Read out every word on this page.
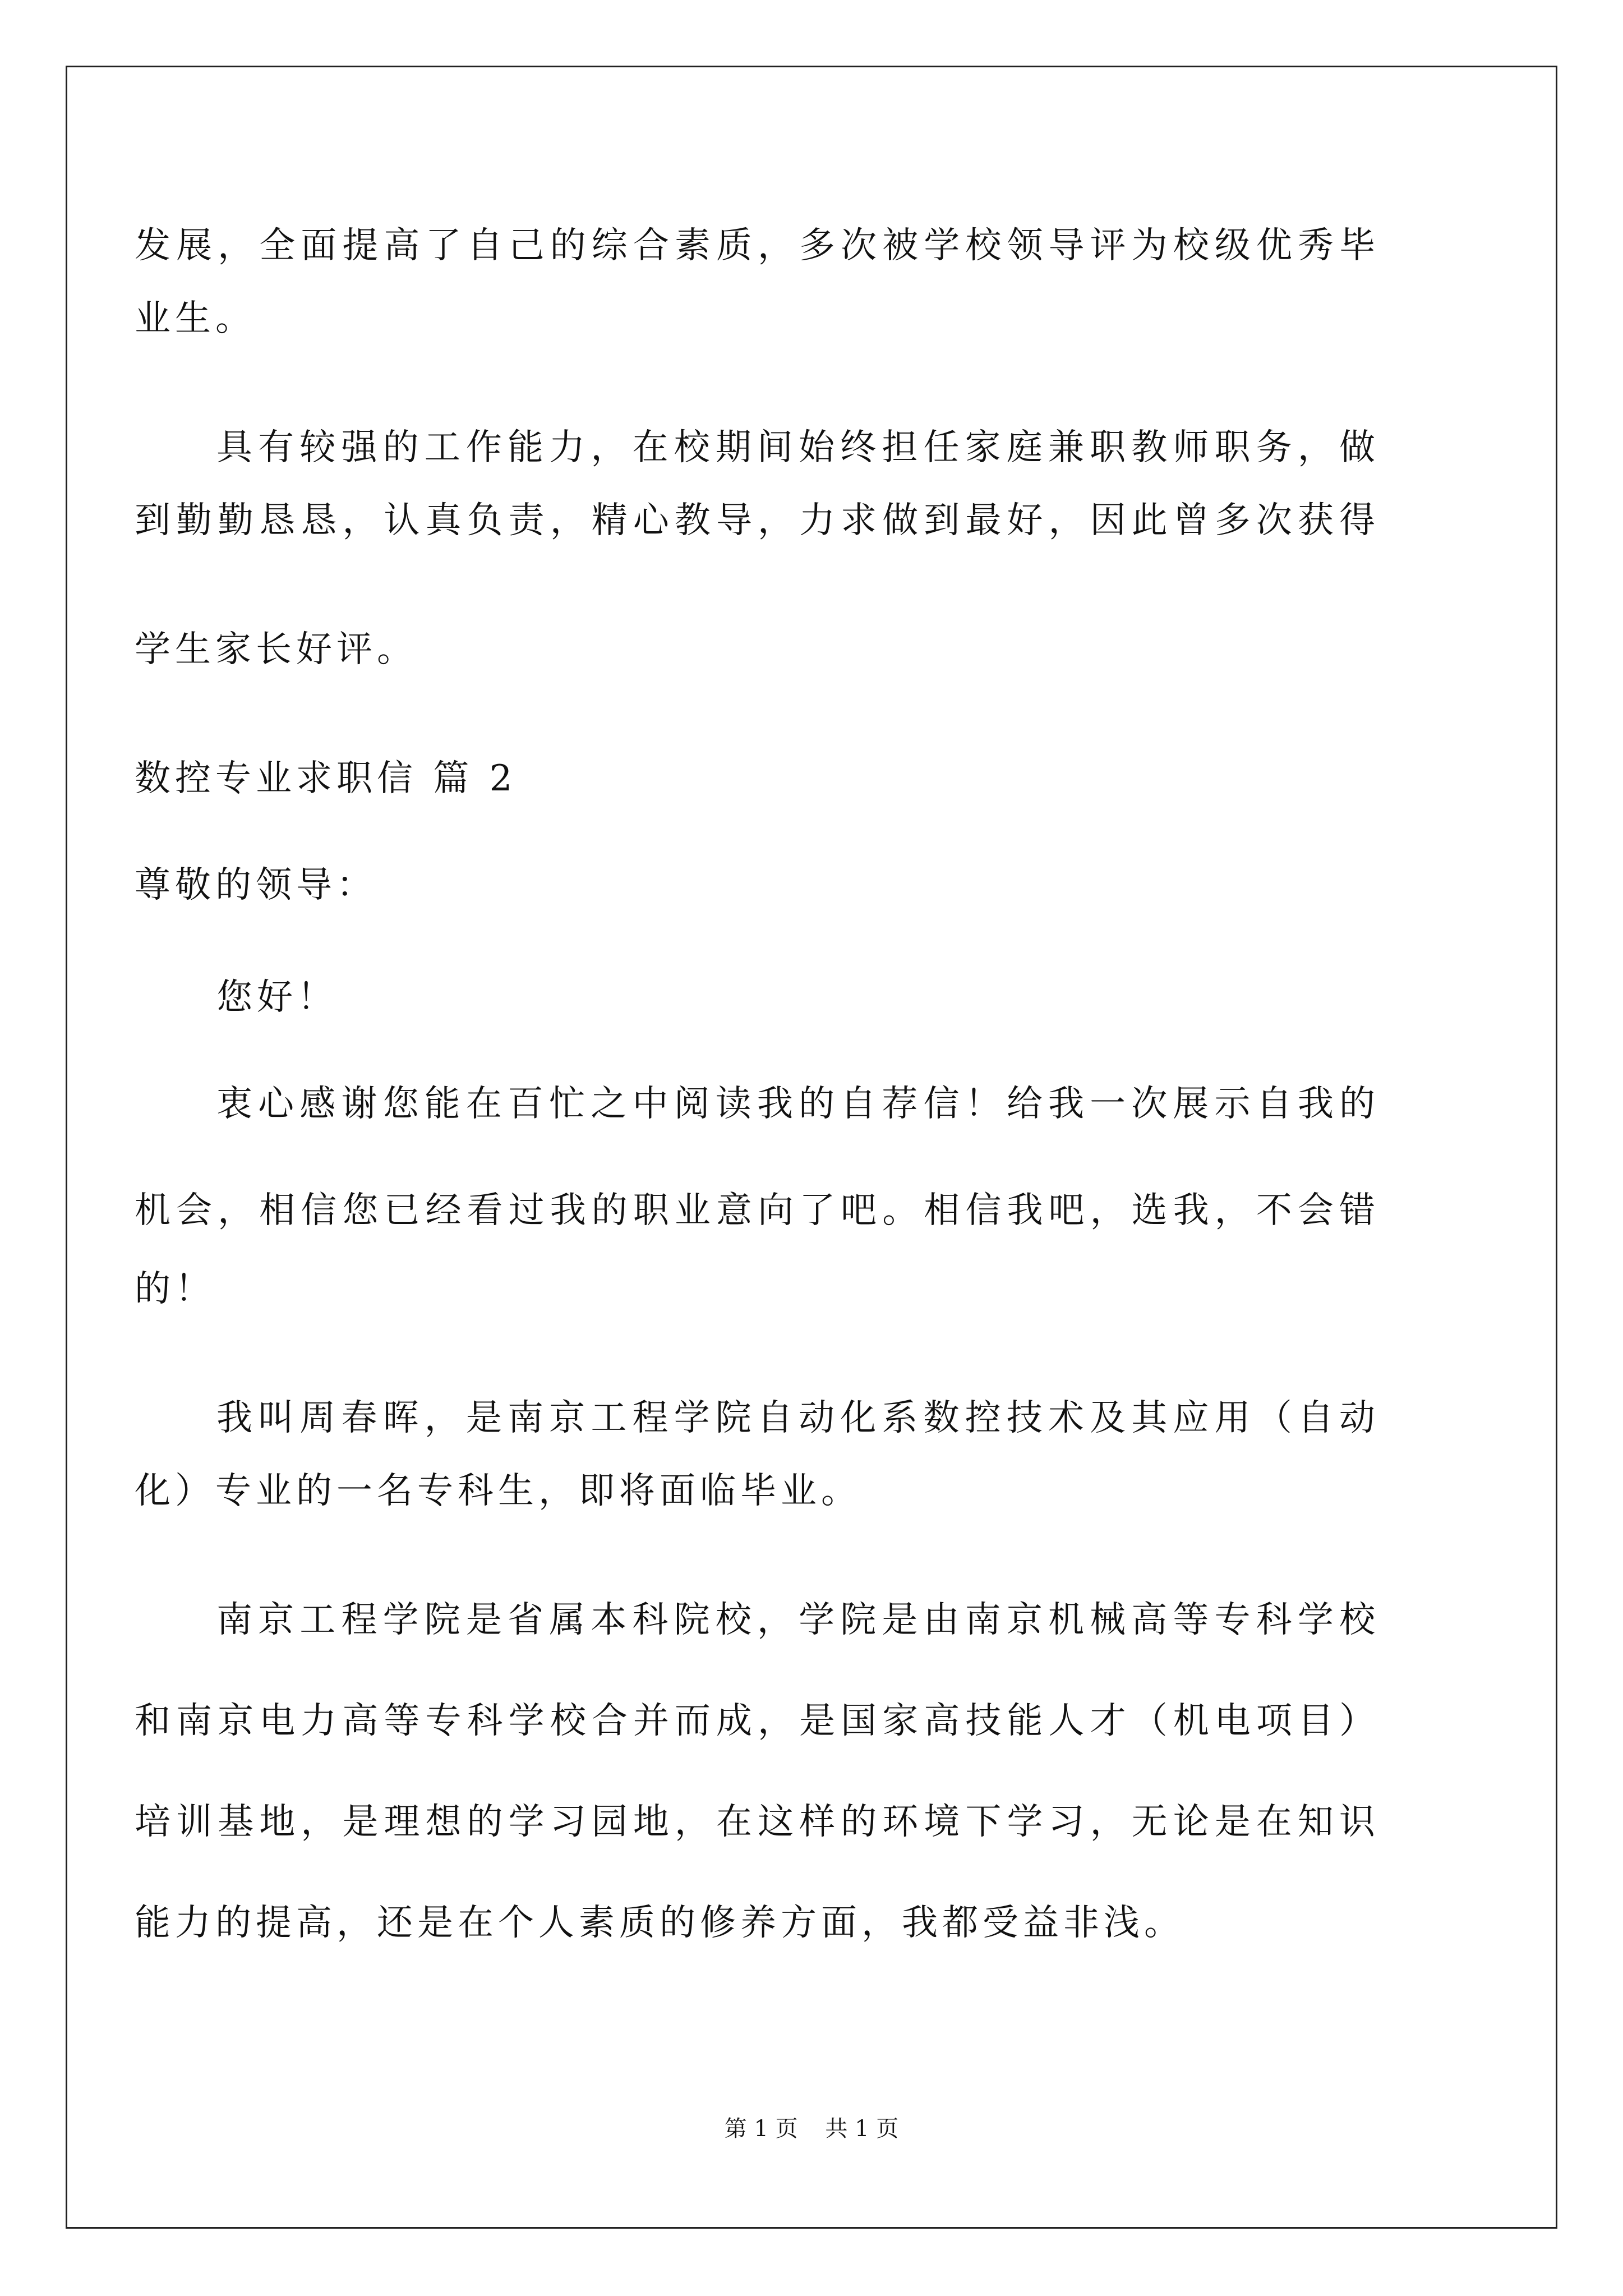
发展，全面提高了自己的综合素质，多次被学校领导评为校级优秀毕
业生。
具有较强的工作能力，在校期间始终担任家庭兼职教师职务，做
到勤勤恳恳，认真负责，精心教导，力求做到最好，因此曾多次获得
学生家长好评。
数控专业求职信 篇 2
尊敬的领导：
您好！
衷心感谢您能在百忙之中阅读我的自荐信！给我一次展示自我的
机会，相信您已经看过我的职业意向了吧。相信我吧，选我，不会错
的！
我叫周春晖，是南京工程学院自动化系数控技术及其应用（自动
化）专业的一名专科生，即将面临毕业。
南京工程学院是省属本科院校，学院是由南京机械高等专科学校
和南京电力高等专科学校合并而成，是国家高技能人才（机电项目）
培训基地，是理想的学习园地，在这样的环境下学习，无论是在知识
能力的提高，还是在个人素质的修养方面，我都受益非浅。
第 1 页 共 1 页
